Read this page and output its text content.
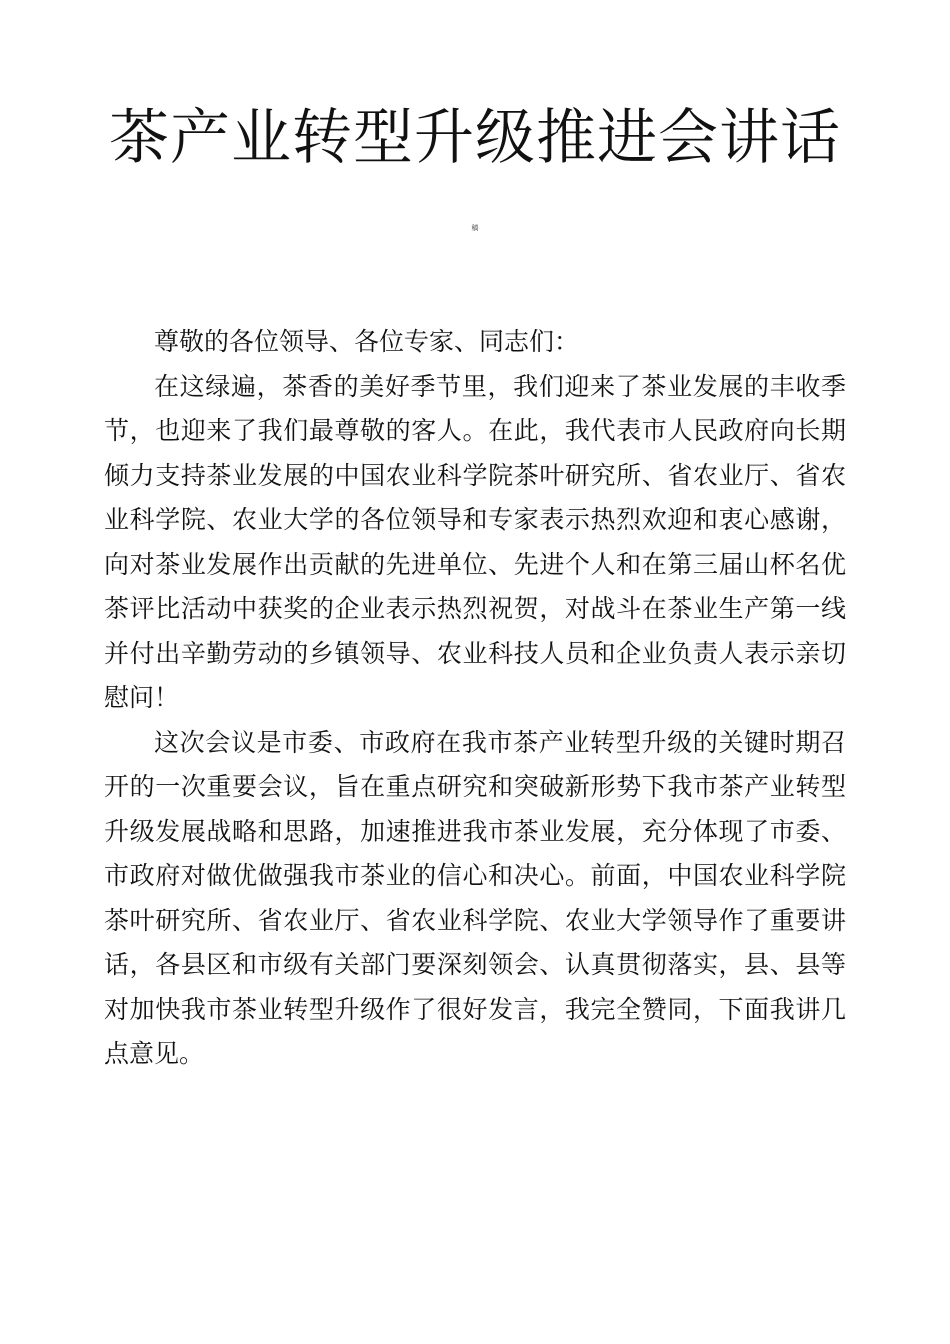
茶产业转型升级推进会讲话
稿

尊敬的各位领导、各位专家、同志们：

在这绿遍，茶香的美好季节里，我们迎来了茶业发展的丰收季节，也迎来了我们最尊敬的客人。在此，我代表市人民政府向长期倾力支持茶业发展的中国农业科学院茶叶研究所、省农业厅、省农业科学院、农业大学的各位领导和专家表示热烈欢迎和衷心感谢，向对茶业发展作出贡献的先进单位、先进个人和在第三届山杯名优茶评比活动中获奖的企业表示热烈祝贺，对战斗在茶业生产第一线并付出辛勤劳动的乡镇领导、农业科技人员和企业负责人表示亲切慰问！

这次会议是市委、市政府在我市茶产业转型升级的关键时期召开的一次重要会议，旨在重点研究和突破新形势下我市茶产业转型升级发展战略和思路，加速推进我市茶业发展，充分体现了市委、市政府对做优做强我市茶业的信心和决心。前面，中国农业科学院茶叶研究所、省农业厅、省农业科学院、农业大学领导作了重要讲话，各县区和市级有关部门要深刻领会、认真贯彻落实，县、县等对加快我市茶业转型升级作了很好发言，我完全赞同，下面我讲几点意见。
